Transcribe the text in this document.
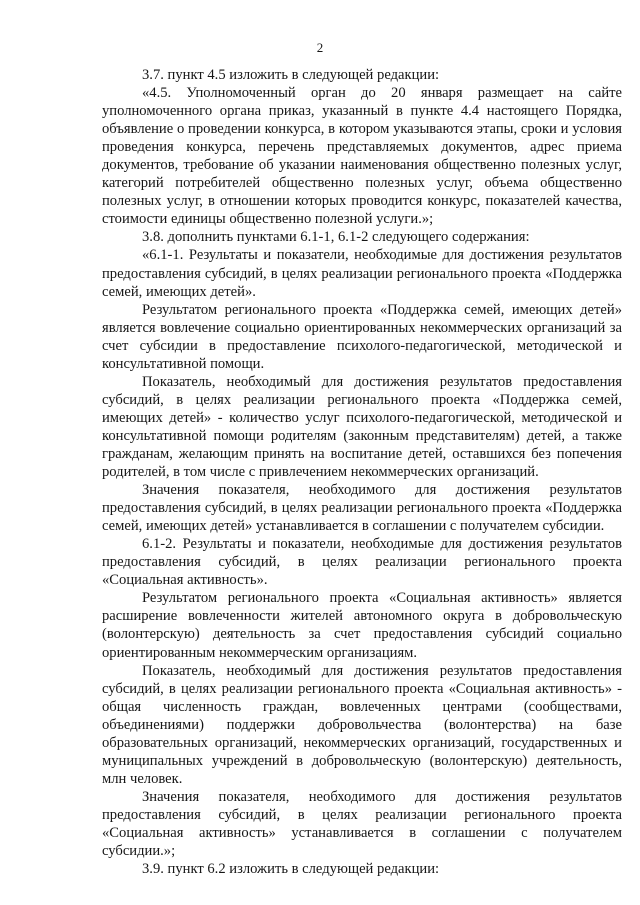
2

3.7. пункт 4.5 изложить в следующей редакции:

«4.5. Уполномоченный орган до 20 января размещает на сайте уполномоченного органа приказ, указанный в пункте 4.4 настоящего Порядка, объявление о проведении конкурса, в котором указываются этапы, сроки и условия проведения конкурса, перечень представляемых документов, адрес приема документов, требование об указании наименования общественно полезных услуг, категорий потребителей общественно полезных услуг, объема общественно полезных услуг, в отношении которых проводится конкурс, показателей качества, стоимости единицы общественно полезной услуги.»;

3.8. дополнить пунктами 6.1-1, 6.1-2 следующего содержания:

«6.1-1. Результаты и показатели, необходимые для достижения результатов предоставления субсидий, в целях реализации регионального проекта «Поддержка семей, имеющих детей».

Результатом регионального проекта «Поддержка семей, имеющих детей» является вовлечение социально ориентированных некоммерческих организаций за счет субсидии в предоставление психолого-педагогической, методической и консультативной помощи.

Показатель, необходимый для достижения результатов предоставления субсидий, в целях реализации регионального проекта «Поддержка семей, имеющих детей» - количество услуг психолого-педагогической, методической и консультативной помощи родителям (законным представителям) детей, а также гражданам, желающим принять на воспитание детей, оставшихся без попечения родителей, в том числе с привлечением некоммерческих организаций.

Значения показателя, необходимого для достижения результатов предоставления субсидий, в целях реализации регионального проекта «Поддержка семей, имеющих детей» устанавливается в соглашении с получателем субсидии.

6.1-2. Результаты и показатели, необходимые для достижения результатов предоставления субсидий, в целях реализации регионального проекта «Социальная активность».

Результатом регионального проекта «Социальная активность» является расширение вовлеченности жителей автономного округа в добровольческую (волонтерскую) деятельность за счет предоставления субсидий социально ориентированным некоммерческим организациям.

Показатель, необходимый для достижения результатов предоставления субсидий, в целях реализации регионального проекта «Социальная активность» - общая численность граждан, вовлеченных центрами (сообществами, объединениями) поддержки добровольчества (волонтерства) на базе образовательных организаций, некоммерческих организаций, государственных и муниципальных учреждений в добровольческую (волонтерскую) деятельность, млн человек.

Значения показателя, необходимого для достижения результатов предоставления субсидий, в целях реализации регионального проекта «Социальная активность» устанавливается в соглашении с получателем субсидии.»;

3.9. пункт 6.2 изложить в следующей редакции:
